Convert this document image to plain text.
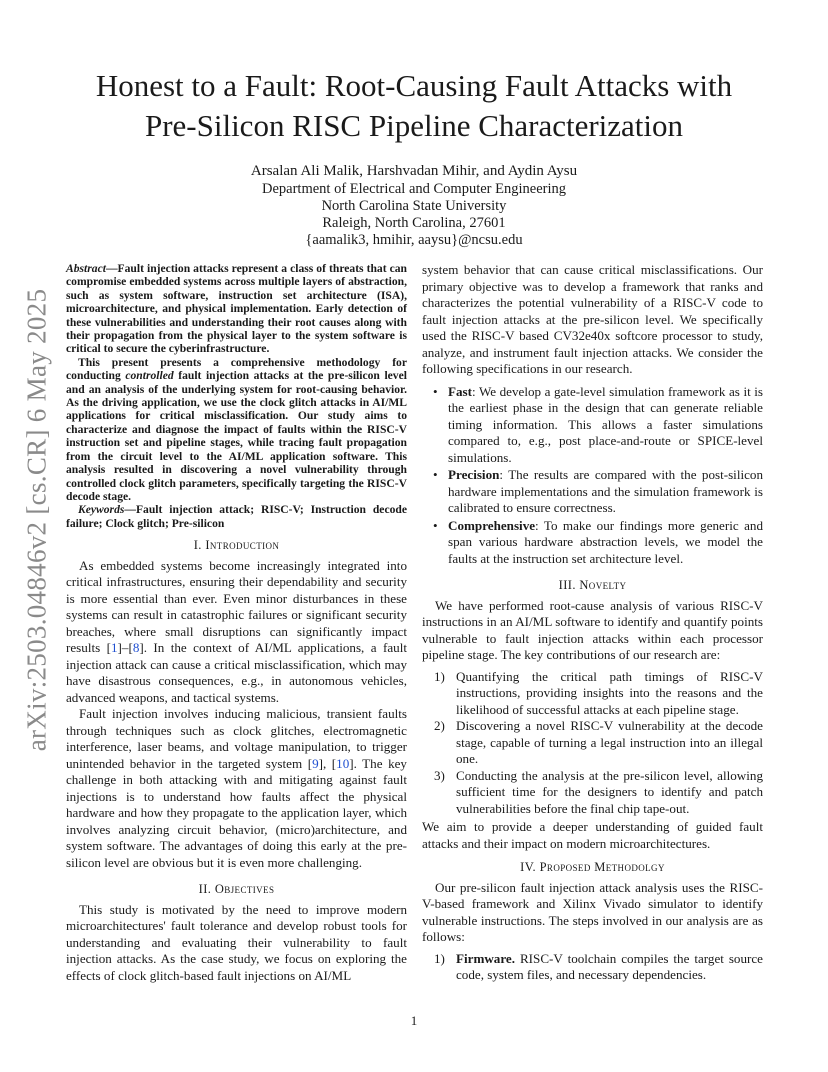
arXiv:2503.04846v2 [cs.CR] 6 May 2025
Honest to a Fault: Root-Causing Fault Attacks with
Pre-Silicon RISC Pipeline Characterization
Arsalan Ali Malik, Harshvadan Mihir, and Aydin Aysu
Department of Electrical and Computer Engineering
North Carolina State University
Raleigh, North Carolina, 27601
{aamalik3, hmihir, aaysu}@ncsu.edu

Abstract—Fault injection attacks represent a class of threats that can compromise embedded systems across multiple layers of abstraction, such as system software, instruction set architecture (ISA), microarchitecture, and physical implementation. Early detection of these vulnerabilities and understanding their root causes along with their propagation from the physical layer to the system software is critical to secure the cyberinfrastructure.

This present presents a comprehensive methodology for conducting controlled fault injection attacks at the pre-silicon level and an analysis of the underlying system for root-causing behavior. As the driving application, we use the clock glitch attacks in AI/ML applications for critical misclassification. Our study aims to characterize and diagnose the impact of faults within the RISC-V instruction set and pipeline stages, while tracing fault propagation from the circuit level to the AI/ML application software. This analysis resulted in discovering a novel vulnerability through controlled clock glitch parameters, specifically targeting the RISC-V decode stage.

Keywords—Fault injection attack; RISC-V; Instruction decode failure; Clock glitch; Pre-silicon

I. Introduction

As embedded systems become increasingly integrated into critical infrastructures, ensuring their dependability and security is more essential than ever. Even minor disturbances in these systems can result in catastrophic failures or significant security breaches, where small disruptions can significantly impact results [1]–[8]. In the context of AI/ML applications, a fault injection attack can cause a critical misclassification, which may have disastrous consequences, e.g., in autonomous vehicles, advanced weapons, and tactical systems.

Fault injection involves inducing malicious, transient faults through techniques such as clock glitches, electromagnetic interference, laser beams, and voltage manipulation, to trigger unintended behavior in the targeted system [9], [10]. The key challenge in both attacking with and mitigating against fault injections is to understand how faults affect the physical hardware and how they propagate to the application layer, which involves analyzing circuit behavior, (micro)architecture, and system software. The advantages of doing this early at the pre-silicon level are obvious but it is even more challenging.

II. Objectives

This study is motivated by the need to improve modern microarchitectures' fault tolerance and develop robust tools for understanding and evaluating their vulnerability to fault injection attacks. As the case study, we focus on exploring the effects of clock glitch-based fault injections on AI/ML

system behavior that can cause critical misclassifications. Our primary objective was to develop a framework that ranks and characterizes the potential vulnerability of a RISC-V code to fault injection attacks at the pre-silicon level. We specifically used the RISC-V based CV32e40x softcore processor to study, analyze, and instrument fault injection attacks. We consider the following specifications in our research.

• Fast: We develop a gate-level simulation framework as it is the earliest phase in the design that can generate reliable timing information. This allows a faster simulations compared to, e.g., post place-and-route or SPICE-level simulations.
• Precision: The results are compared with the post-silicon hardware implementations and the simulation framework is calibrated to ensure correctness.
• Comprehensive: To make our findings more generic and span various hardware abstraction levels, we model the faults at the instruction set architecture level.
III. Novelty

We have performed root-cause analysis of various RISC-V instructions in an AI/ML software to identify and quantify points vulnerable to fault injection attacks within each processor pipeline stage. The key contributions of our research are:

1) Quantifying the critical path timings of RISC-V instructions, providing insights into the reasons and the likelihood of successful attacks at each pipeline stage.
2) Discovering a novel RISC-V vulnerability at the decode stage, capable of turning a legal instruction into an illegal one.
3) Conducting the analysis at the pre-silicon level, allowing sufficient time for the designers to identify and patch vulnerabilities before the final chip tape-out.

We aim to provide a deeper understanding of guided fault attacks and their impact on modern microarchitectures.

IV. Proposed Methodolgy

Our pre-silicon fault injection attack analysis uses the RISC-V-based framework and Xilinx Vivado simulator to identify vulnerable instructions. The steps involved in our analysis are as follows:

1) Firmware. RISC-V toolchain compiles the target source code, system files, and necessary dependencies.
1
